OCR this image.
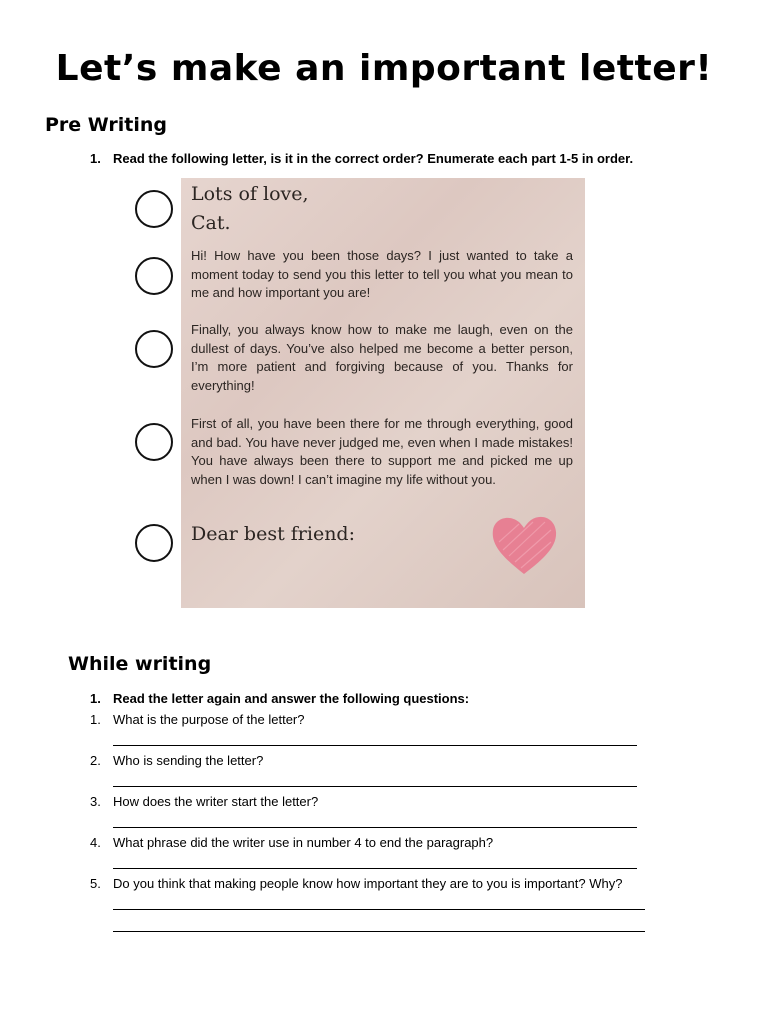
Let’s make an important letter!
Pre Writing
1. Read the following letter, is it in the correct order? Enumerate each part 1-5 in order.
Lots of love,
Cat.
Hi! How have you been those days? I just wanted to take a moment today to send you this letter to tell you what you mean to me and how important you are!
Finally, you always know how to make me laugh, even on the dullest of days. You’ve also helped me become a better person, I’m more patient and forgiving because of you. Thanks for everything!
First of all, you have been there for me through everything, good and bad. You have never judged me, even when I made mistakes! You have always been there to support me and picked me up when I was down! I can’t imagine my life without you.
Dear best friend:
While writing
1. Read the letter again and answer the following questions:
1. What is the purpose of the letter?
2. Who is sending the letter?
3. How does the writer start the letter?
4. What phrase did the writer use in number 4 to end the paragraph?
5. Do you think that making people know how important they are to you is important? Why?
